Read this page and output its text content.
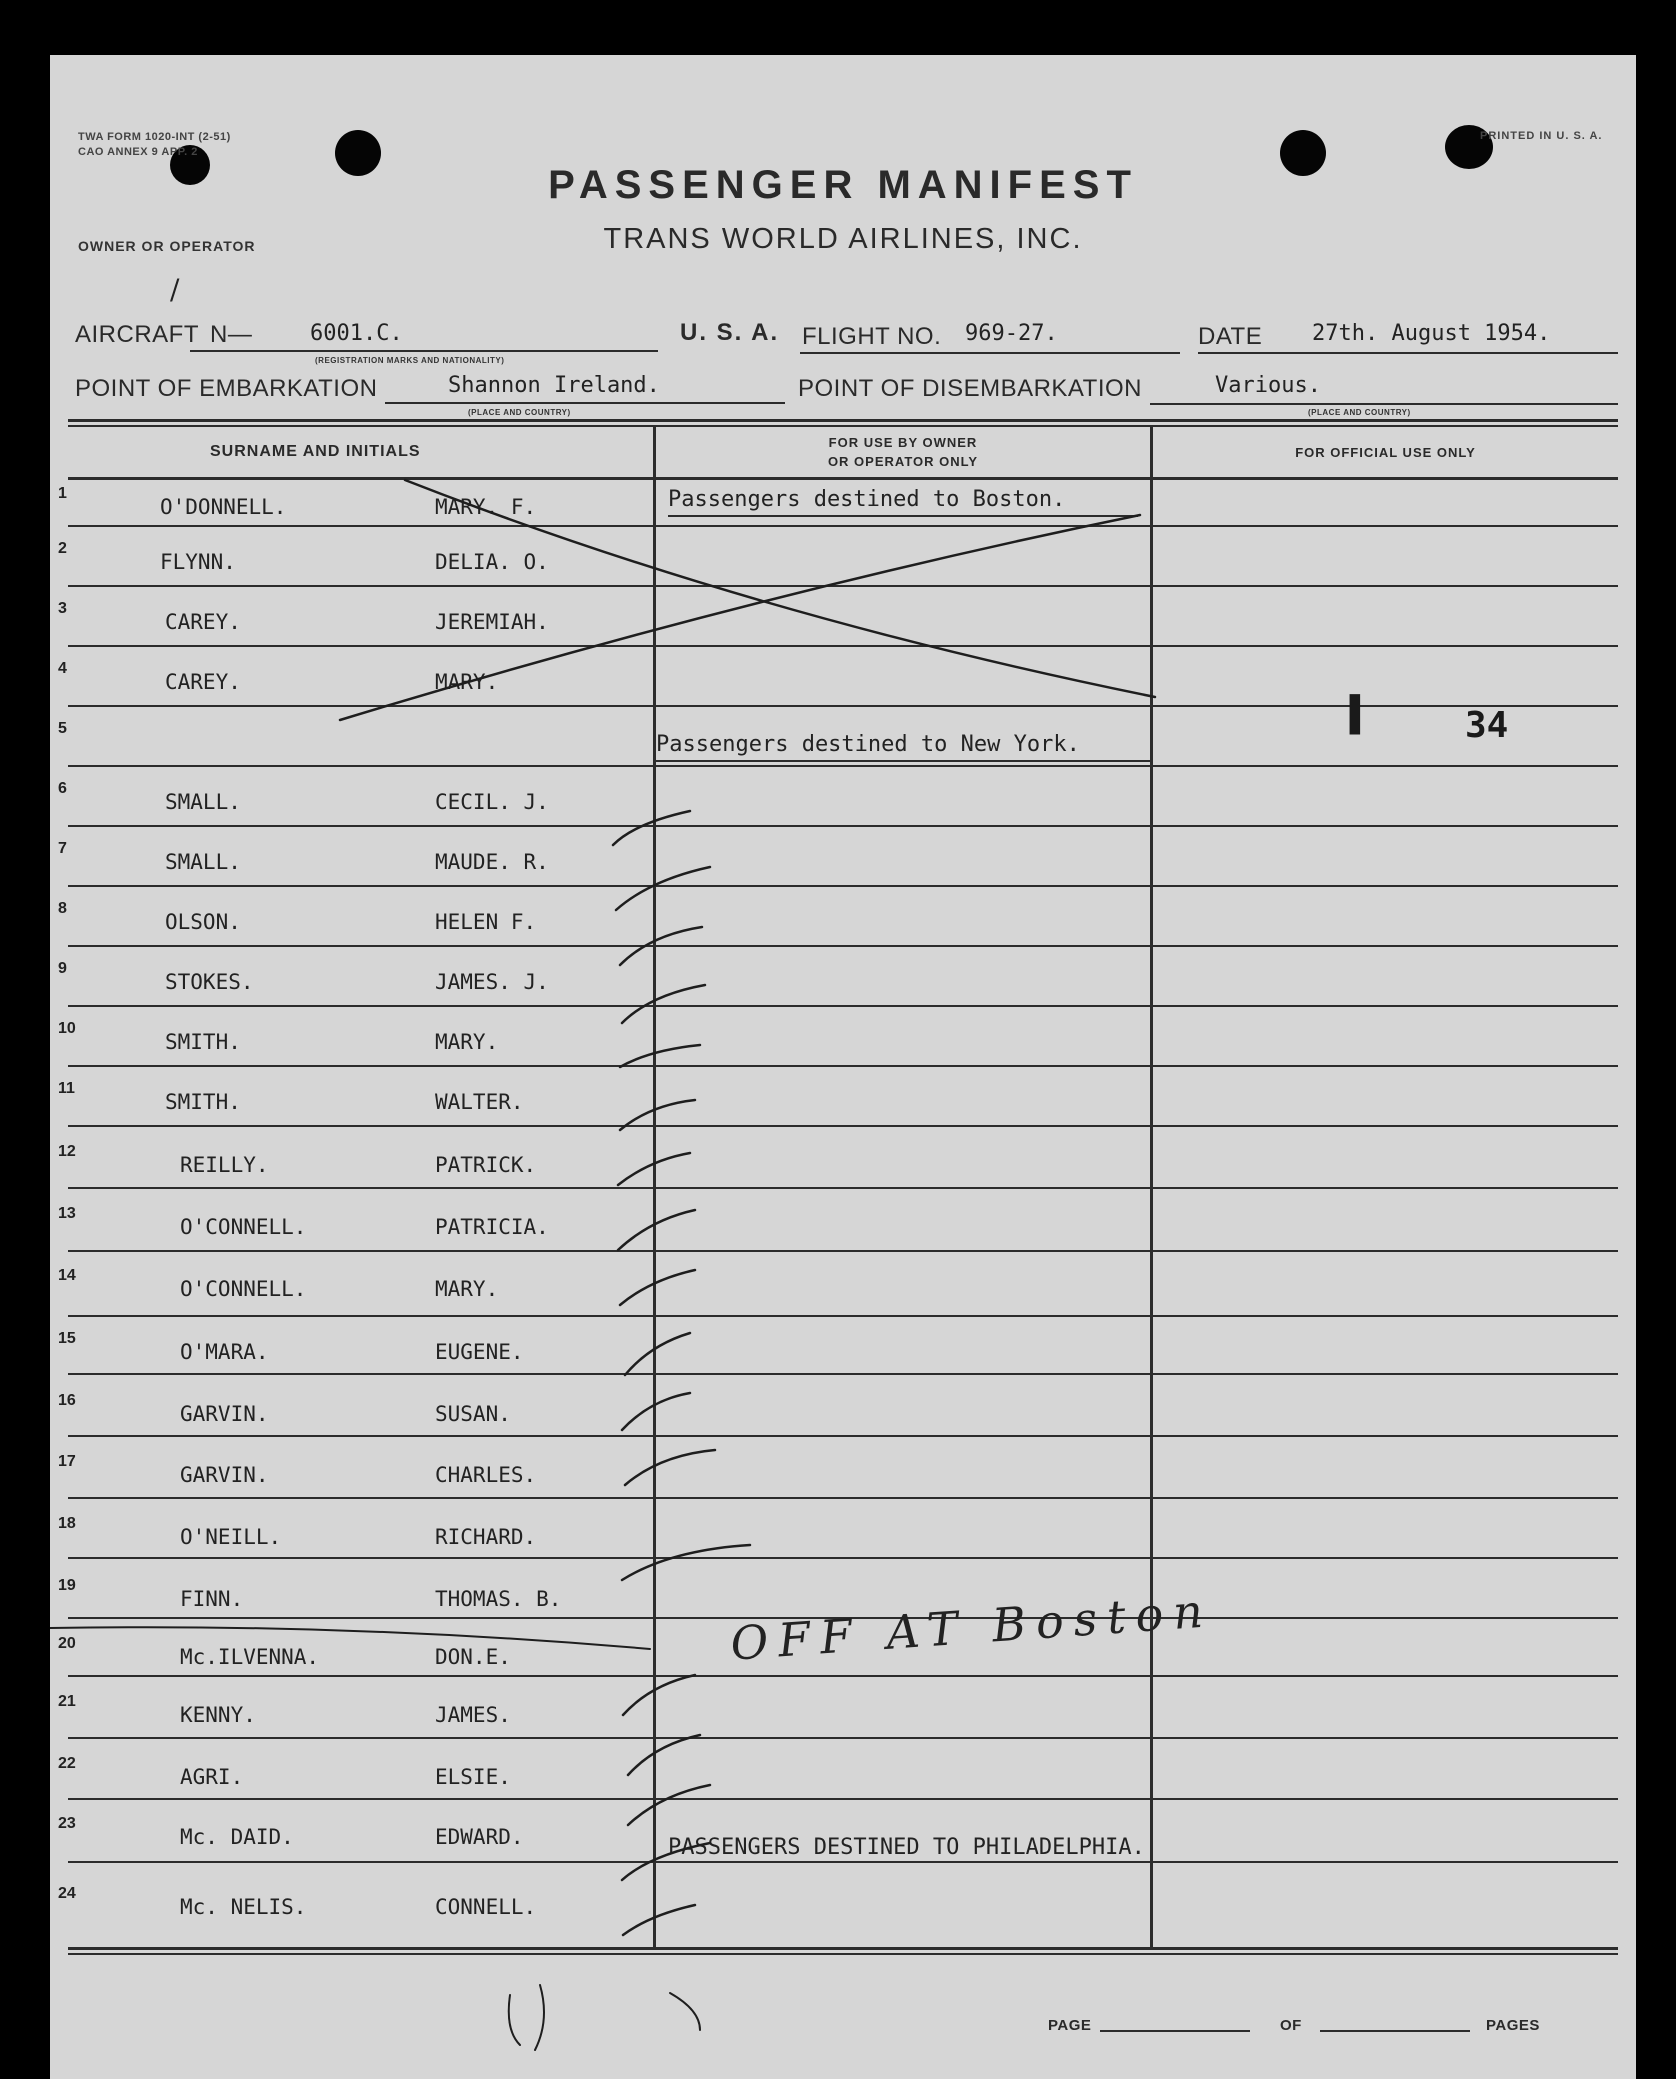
TWA FORM 1020-INT (2-51)
CAO ANNEX 9 APP. 2
PRINTED IN U. S. A.
PASSENGER MANIFEST
TRANS WORLD AIRLINES, INC.
OWNER OR OPERATOR
/
AIRCRAFT N—	6001.C.
(REGISTRATION MARKS AND NATIONALITY)
U. S. A. FLIGHT NO. 969-27.	DATE 27th. August 1954.
POINT OF EMBARKATION	Shannon Ireland.
(PLACE AND COUNTRY)
POINT OF DISEMBARKATION	Various.
(PLACE AND COUNTRY)
SURNAME AND INITIALS
FOR USE BY OWNER
OR OPERATOR ONLY
FOR OFFICIAL USE ONLY
1
O'DONNELL.	MARY. F.
2
FLYNN.	DELIA. O.
3
CAREY.	JEREMIAH.
4
CAREY.	MARY.
5
6
SMALL.	CECIL. J.
7
SMALL.	MAUDE. R.
8
OLSON.	HELEN F.
9
STOKES.	JAMES. J.
10
SMITH.	MARY.
11
SMITH.	WALTER.
12
REILLY.	PATRICK.
13
O'CONNELL.	PATRICIA.
14
O'CONNELL.	MARY.
15
O'MARA.	EUGENE.
16
GARVIN.	SUSAN.
17
GARVIN.	CHARLES.
18
O'NEILL.	RICHARD.
19
FINN.	THOMAS. B.
20
Mc.ILVENNA.	DON.E.
21
KENNY.	JAMES.
22
AGRI.	ELSIE.
23
Mc. DAID.	EDWARD.
24
Mc. NELIS.	CONNELL.
Passengers destined to Boston.
Passengers destined to New York.
PASSENGERS DESTINED TO PHILADELPHIA.
OFF AT Boston
▌	34
PAGE	OF	PAGES
